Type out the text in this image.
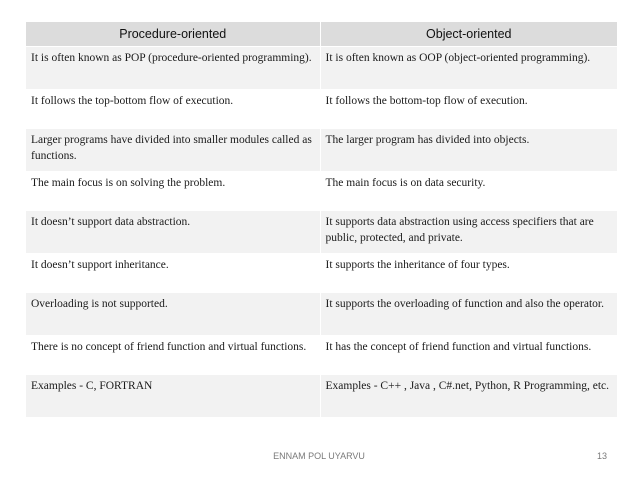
Procedure-oriented	Object-oriented
It is often known as POP (procedure-oriented programming).	It is often known as OOP (object-oriented programming).
It follows the top-bottom flow of execution.	It follows the bottom-top flow of execution.
Larger programs have divided into smaller modules called as functions.	The larger program has divided into objects.
The main focus is on solving the problem.	The main focus is on data security.
It doesn’t support data abstraction.	It supports data abstraction using access specifiers that are public, protected, and private.
It doesn’t support inheritance.	It supports the inheritance of four types.
Overloading is not supported.	It supports the overloading of function and also the operator.
There is no concept of friend function and virtual functions.	It has the concept of friend function and virtual functions.
Examples - C, FORTRAN	Examples - C++ , Java , C#.net, Python, R Programming, etc.
ENNAM POL UYARVU	13
